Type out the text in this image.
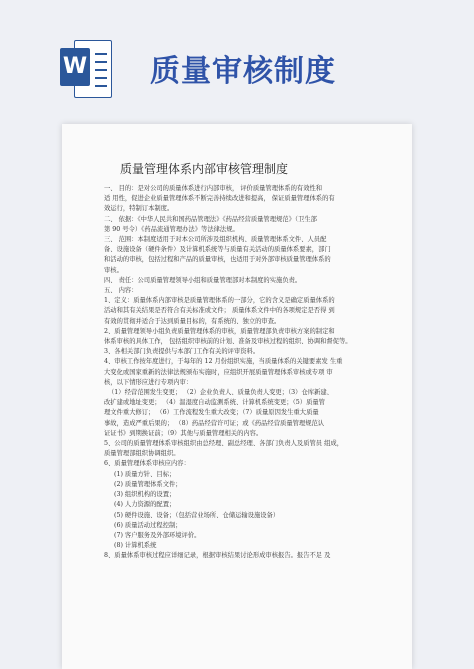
W 质量审核制度
质量管理体系内部审核管理制度

一、 目的：是对公司的质量体系进行内部审核， 评价质量管理体系的有效性和

适 用性，促进企业质量管理体系不断完善持续改进和提高， 保证质量管理体系的有

效运行，特制订本制度。

二、 依据：《中华人民共和国药品管理法》《药品经营质量管理规范》（卫生部

第 90 号令）《药品流通管理办法》等法律法规。

三、 范围：本制度适用于对本公司所涉及组织机构、质量管理体系文件、人员配

备、设施设备（硬件条件）及计算机系统等与质量有关活动的质量体系要素，部门

和活动的审核，包括过程和产品的质量审核，也适用于对外部审核质量管理体系的

审核。

四、 责任：公司质量管理领导小组和质量管理部对本制度的实施负责。

五、 内容：

1、定义：质量体系内部审核是质量管理体系的一部分，它的含义是确定质量体系的

活动和其有关结果是否符合有关标准或文件； 质量体系文件中的各项规定是否得 到

有效的贯彻并适合于达到质量目标的，有系统的、独立的审查。

2、质量管理领导小组负责质量管理体系的审核，质量管理部负责审核方案的制定和

体系审核的具体工作， 包括组织审核前的计划、准备及审核过程的组织、协调和督促等。

3、各相关部门负责提供与本部门工作有关的评审资料。

4、审核工作按年度进行，于每年的 12 月份组织实施，当质量体系的关键要素发 生重

大变化或国家重新的法律法规颁布实施时，应组织开展质量管理体系审核或专项 审

核，以下情形应进行专项内审：

（1）经营范围发生变更； （2）企业负责人、质量负责人变更；（3）仓库新建、

改扩建或地址变更； （4）温湿度自动监测系统、计算机系统变更；（5）质量管

理文件重大修订； （6）工作流程发生重大改变；（7）质量原因发生重大质量

事故，造成严重后果的； （8）药品经营许可证；或《药品经营质量管理规范认

证证书》到期换证前；（9）其他与质量管理相关的内容。

5、公司的质量管理体系审核组织由总经理、副总经理、各部门负责人及质管员 组成，

质量管理部组织协调组织。

6、质量管理体系审核应内容：

(1) 质量方针、目标；

(2) 质量管理体系文件；

(3) 组织机构的设置；

(4) 人力资源的配置；

(5) 硬件设施、设备；（包括营业场所、仓储运输设施设备）

(6) 质量活动过程控制；

(7) 客户服务及外部环境评价。

(8) 计算机系统

8、质量体系审核过程应详细记录，根据审核结果讨论形成审核报告。报告不足 及
